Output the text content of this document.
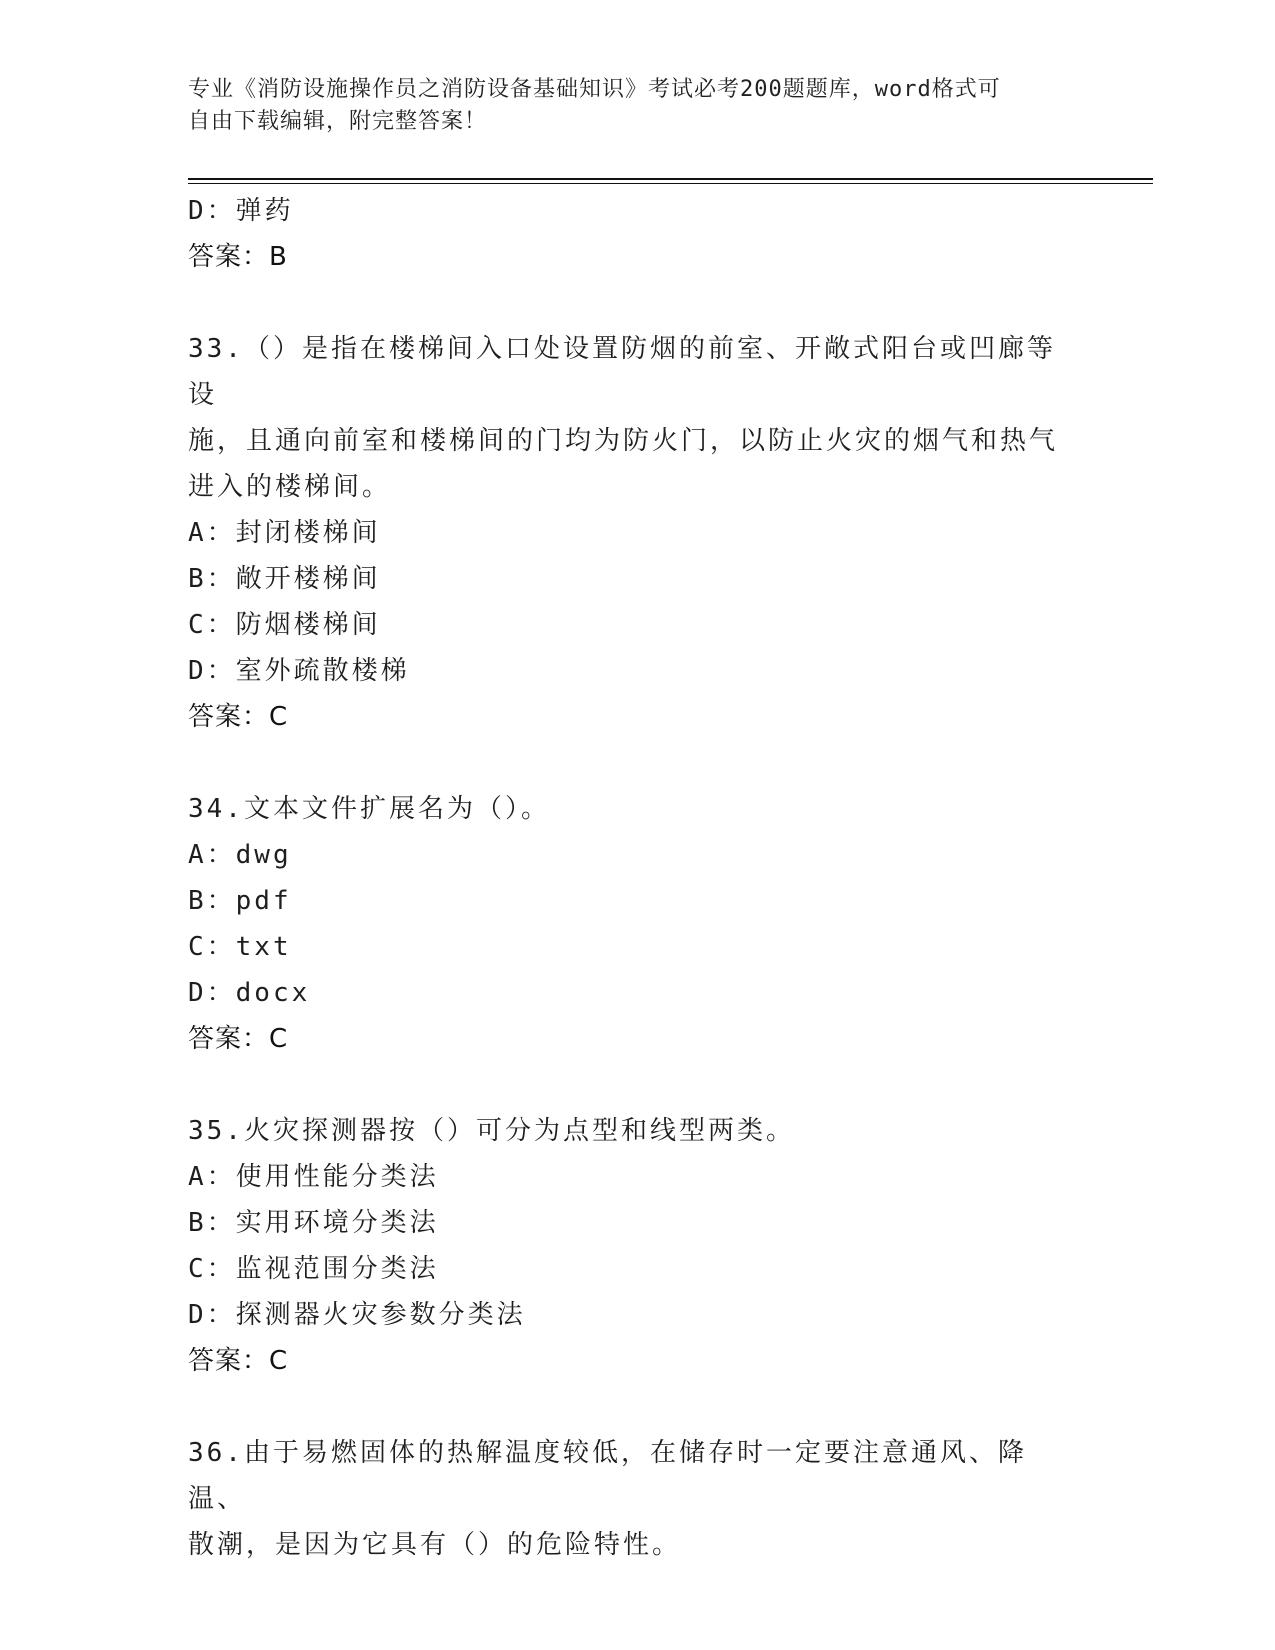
专业《消防设施操作员之消防设备基础知识》考试必考200题题库，word格式可
自由下载编辑，附完整答案！
D：弹药
答案：B
33.（）是指在楼梯间入口处设置防烟的前室、开敞式阳台或凹廊等设
施，且通向前室和楼梯间的门均为防火门，以防止火灾的烟气和热气
进入的楼梯间。
A：封闭楼梯间
B：敞开楼梯间
C：防烟楼梯间
D：室外疏散楼梯
答案：C
34.文本文件扩展名为（）。
A：dwg
B：pdf
C：txt
D：docx
答案：C
35.火灾探测器按（）可分为点型和线型两类。
A：使用性能分类法
B：实用环境分类法
C：监视范围分类法
D：探测器火灾参数分类法
答案：C
36.由于易燃固体的热解温度较低，在储存时一定要注意通风、降温、
散潮，是因为它具有（）的危险特性。
